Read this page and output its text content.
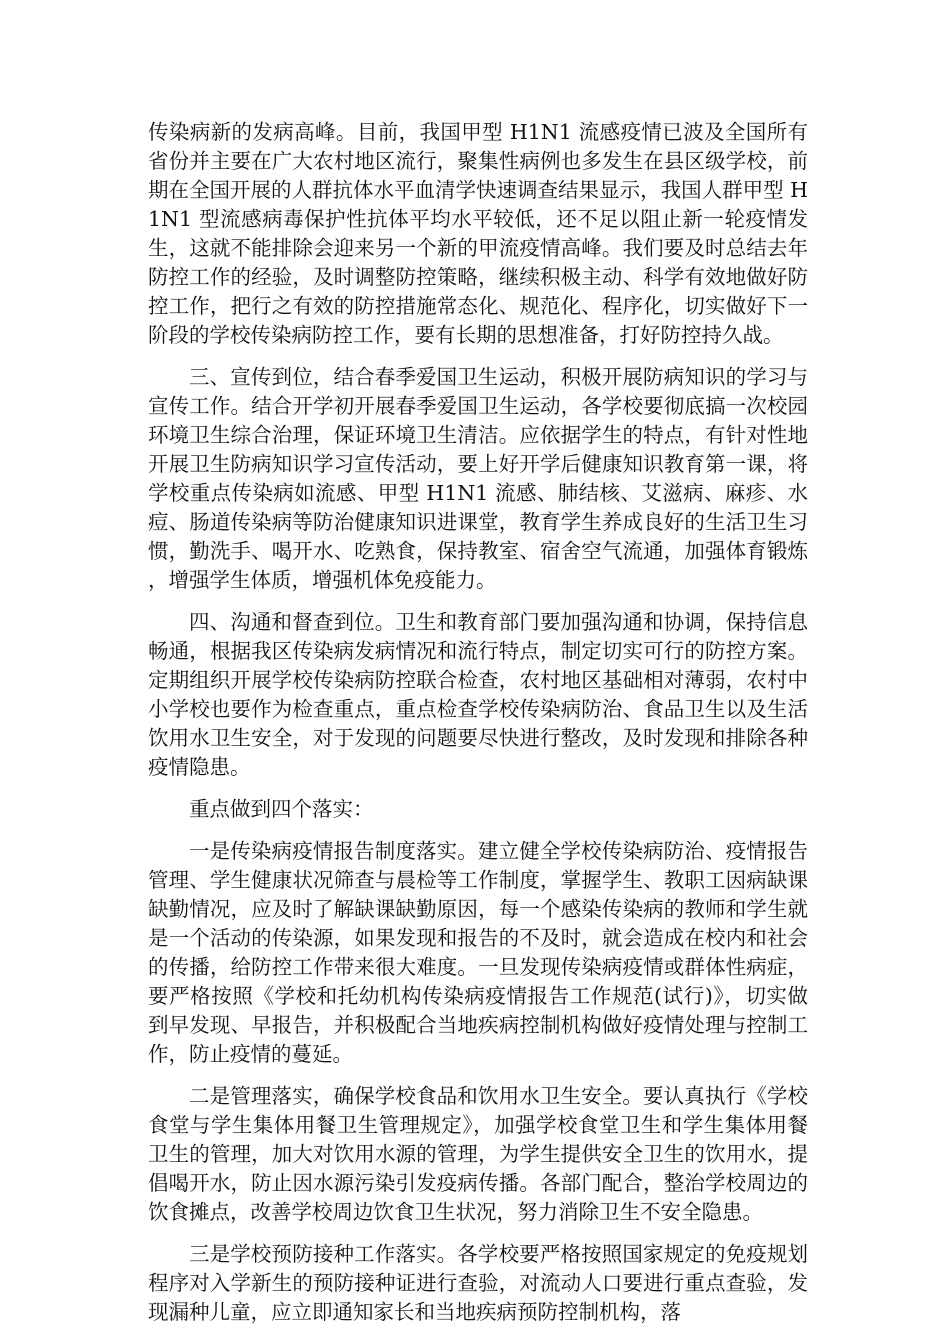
传染病新的发病高峰。目前，我国甲型 H1N1 流感疫情已波及全国所有省份并主要在广大农村地区流行，聚集性病例也多发生在县区级学校，前期在全国开展的人群抗体水平血清学快速调查结果显示，我国人群甲型 H1N1 型流感病毒保护性抗体平均水平较低，还不足以阻止新一轮疫情发生，这就不能排除会迎来另一个新的甲流疫情高峰。我们要及时总结去年防控工作的经验，及时调整防控策略，继续积极主动、科学有效地做好防控工作，把行之有效的防控措施常态化、规范化、程序化，切实做好下一阶段的学校传染病防控工作，要有长期的思想准备，打好防控持久战。

三、宣传到位，结合春季爱国卫生运动，积极开展防病知识的学习与宣传工作。结合开学初开展春季爱国卫生运动，各学校要彻底搞一次校园环境卫生综合治理，保证环境卫生清洁。应依据学生的特点，有针对性地开展卫生防病知识学习宣传活动，要上好开学后健康知识教育第一课，将学校重点传染病如流感、甲型 H1N1 流感、肺结核、艾滋病、麻疹、水痘、肠道传染病等防治健康知识进课堂，教育学生养成良好的生活卫生习惯，勤洗手、喝开水、吃熟食，保持教室、宿舍空气流通，加强体育锻炼，增强学生体质，增强机体免疫能力。

四、沟通和督查到位。卫生和教育部门要加强沟通和协调，保持信息畅通，根据我区传染病发病情况和流行特点，制定切实可行的防控方案。定期组织开展学校传染病防控联合检查，农村地区基础相对薄弱，农村中小学校也要作为检查重点，重点检查学校传染病防治、食品卫生以及生活饮用水卫生安全，对于发现的问题要尽快进行整改，及时发现和排除各种疫情隐患。

重点做到四个落实：

一是传染病疫情报告制度落实。建立健全学校传染病防治、疫情报告管理、学生健康状况筛查与晨检等工作制度，掌握学生、教职工因病缺课缺勤情况，应及时了解缺课缺勤原因，每一个感染传染病的教师和学生就是一个活动的传染源，如果发现和报告的不及时，就会造成在校内和社会的传播，给防控工作带来很大难度。一旦发现传染病疫情或群体性病症，要严格按照《学校和托幼机构传染病疫情报告工作规范(试行)》，切实做到早发现、早报告，并积极配合当地疾病控制机构做好疫情处理与控制工作，防止疫情的蔓延。

二是管理落实，确保学校食品和饮用水卫生安全。要认真执行《学校食堂与学生集体用餐卫生管理规定》，加强学校食堂卫生和学生集体用餐卫生的管理，加大对饮用水源的管理，为学生提供安全卫生的饮用水，提倡喝开水，防止因水源污染引发疫病传播。各部门配合，整治学校周边的饮食摊点，改善学校周边饮食卫生状况，努力消除卫生不安全隐患。

三是学校预防接种工作落实。各学校要严格按照国家规定的免疫规划程序对入学新生的预防接种证进行查验，对流动人口要进行重点查验，发现漏种儿童，应立即通知家长和当地疾病预防控制机构，落
